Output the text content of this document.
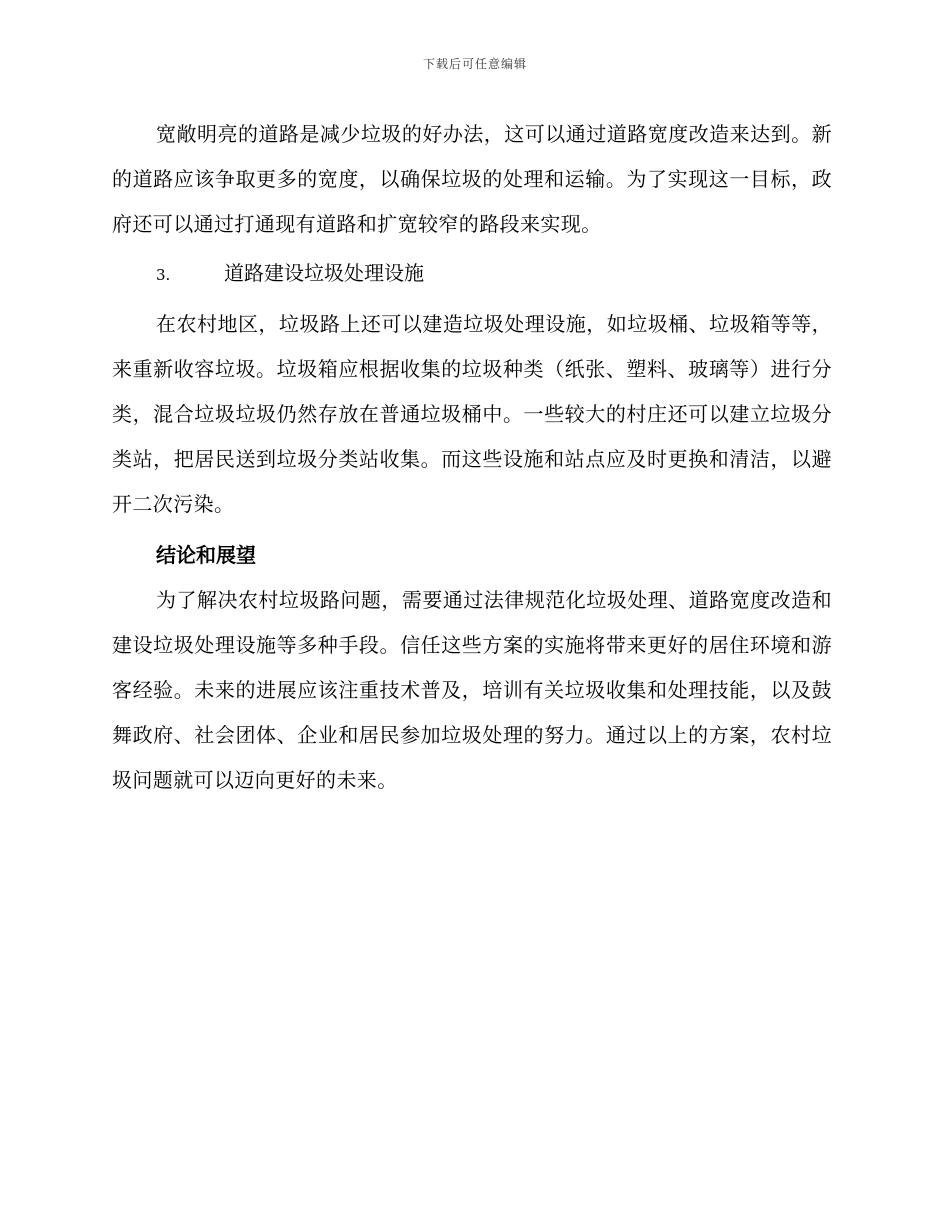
下载后可任意编辑

宽敞明亮的道路是减少垃圾的好办法，这可以通过道路宽度改造来达到。新的道路应该争取更多的宽度，以确保垃圾的处理和运输。为了实现这一目标，政府还可以通过打通现有道路和扩宽较窄的路段来实现。

3.	道路建设垃圾处理设施

在农村地区，垃圾路上还可以建造垃圾处理设施，如垃圾桶、垃圾箱等等，来重新收容垃圾。垃圾箱应根据收集的垃圾种类（纸张、塑料、玻璃等）进行分类，混合垃圾垃圾仍然存放在普通垃圾桶中。一些较大的村庄还可以建立垃圾分类站，把居民送到垃圾分类站收集。而这些设施和站点应及时更换和清洁，以避开二次污染。

结论和展望

为了解决农村垃圾路问题，需要通过法律规范化垃圾处理、道路宽度改造和建设垃圾处理设施等多种手段。信任这些方案的实施将带来更好的居住环境和游客经验。未来的进展应该注重技术普及，培训有关垃圾收集和处理技能，以及鼓舞政府、社会团体、企业和居民参加垃圾处理的努力。通过以上的方案，农村垃圾问题就可以迈向更好的未来。
